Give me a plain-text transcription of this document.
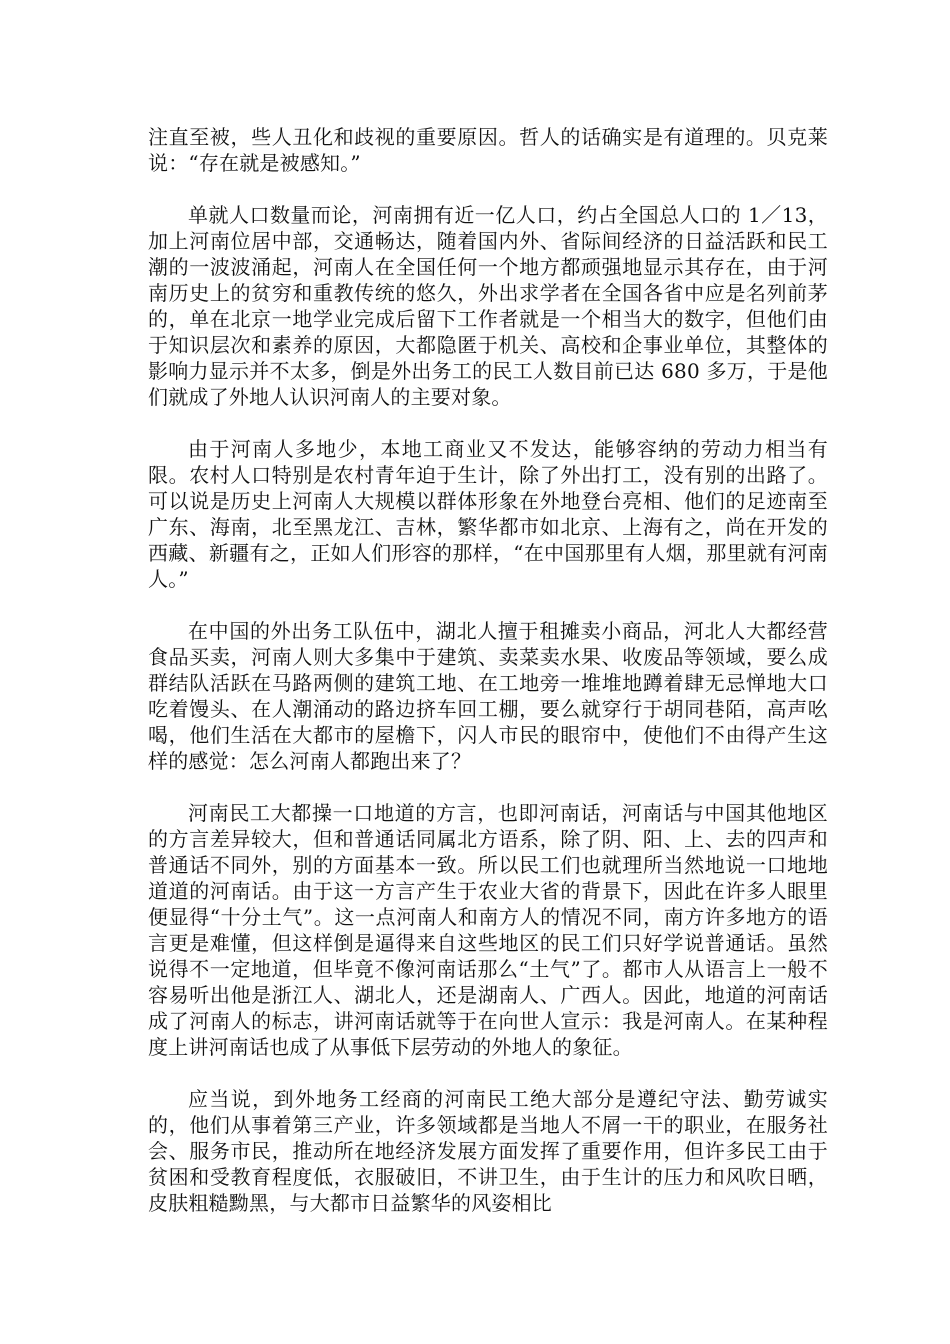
注直至被，些人丑化和歧视的重要原因。哲人的话确实是有道理的。贝克莱说：“存在就是被感知。”

单就人口数量而论，河南拥有近一亿人口，约占全国总人口的 1／13，加上河南位居中部，交通畅达，随着国内外、省际间经济的日益活跃和民工潮的一波波涌起，河南人在全国任何一个地方都顽强地显示其存在，由于河南历史上的贫穷和重教传统的悠久，外出求学者在全国各省中应是名列前茅的，单在北京一地学业完成后留下工作者就是一个相当大的数字，但他们由于知识层次和素养的原因，大都隐匿于机关、高校和企事业单位，其整体的影响力显示并不太多，倒是外出务工的民工人数目前已达 680 多万，于是他们就成了外地人认识河南人的主要对象。

由于河南人多地少，本地工商业又不发达，能够容纳的劳动力相当有限。农村人口特别是农村青年迫于生计，除了外出打工，没有别的出路了。可以说是历史上河南人大规模以群体形象在外地登台亮相、他们的足迹南至广东、海南，北至黑龙江、吉林，繁华都市如北京、上海有之，尚在开发的西藏、新疆有之，正如人们形容的那样，“在中国那里有人烟，那里就有河南人。”

在中国的外出务工队伍中，湖北人擅于租摊卖小商品，河北人大都经营食品买卖，河南人则大多集中于建筑、卖菜卖水果、收废品等领域，要么成群结队活跃在马路两侧的建筑工地、在工地旁一堆堆地蹲着肆无忌惮地大口吃着馒头、在人潮涌动的路边挤车回工棚，要么就穿行于胡同巷陌，高声吆喝，他们生活在大都市的屋檐下，闪人市民的眼帘中，使他们不由得产生这样的感觉：怎么河南人都跑出来了？

河南民工大都操一口地道的方言，也即河南话，河南话与中国其他地区的方言差异较大，但和普通话同属北方语系，除了阴、阳、上、去的四声和普通话不同外，别的方面基本一致。所以民工们也就理所当然地说一口地地道道的河南话。由于这一方言产生于农业大省的背景下，因此在许多人眼里便显得“十分土气”。这一点河南人和南方人的情况不同，南方许多地方的语言更是难懂，但这样倒是逼得来自这些地区的民工们只好学说普通话。虽然说得不一定地道，但毕竟不像河南话那么“土气”了。都市人从语言上一般不容易听出他是浙江人、湖北人，还是湖南人、广西人。因此，地道的河南话成了河南人的标志，讲河南话就等于在向世人宣示：我是河南人。在某种程度上讲河南话也成了从事低下层劳动的外地人的象征。

应当说，到外地务工经商的河南民工绝大部分是遵纪守法、勤劳诚实的，他们从事着第三产业，许多领域都是当地人不屑一干的职业，在服务社会、服务市民，推动所在地经济发展方面发挥了重要作用，但许多民工由于贫困和受教育程度低，衣服破旧，不讲卫生，由于生计的压力和风吹日晒，皮肤粗糙黝黑，与大都市日益繁华的风姿相比
